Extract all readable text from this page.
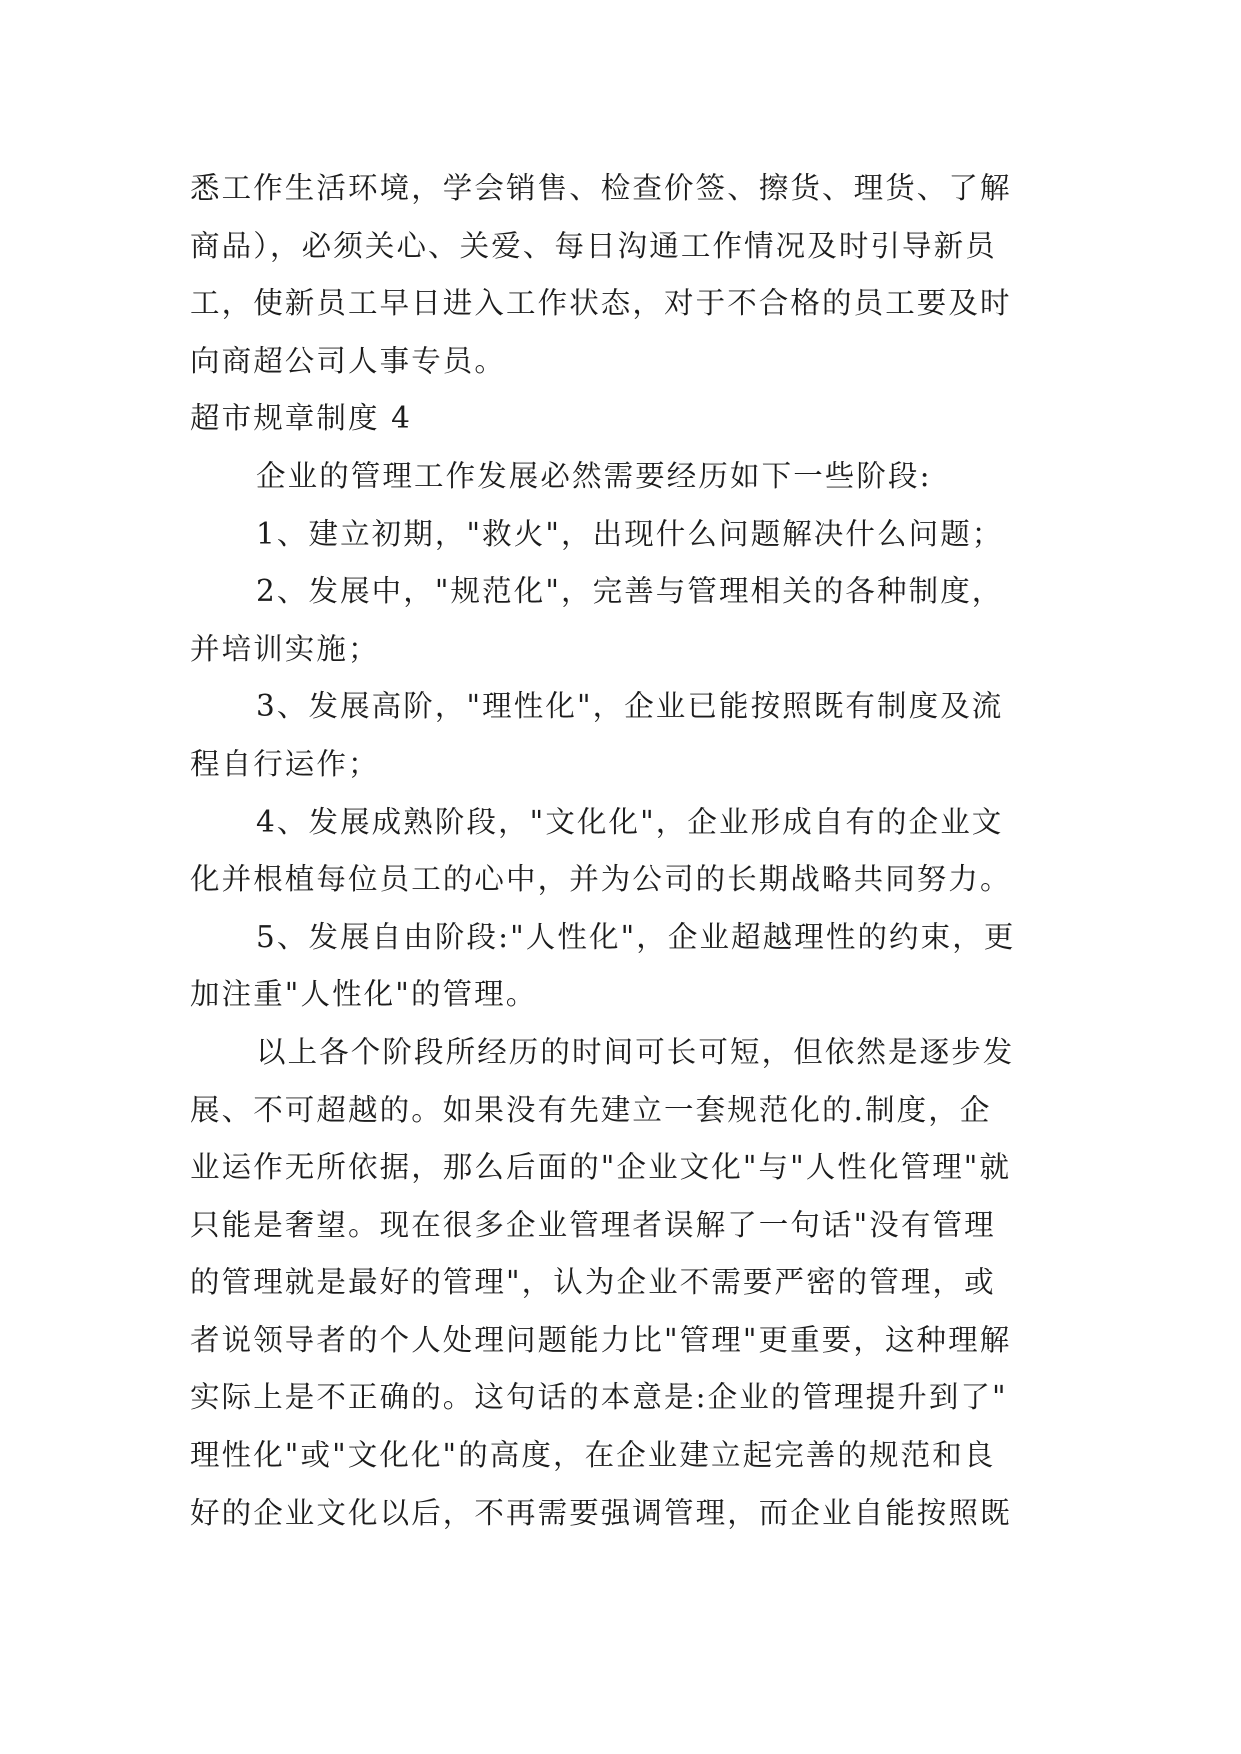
悉工作生活环境，学会销售、检查价签、擦货、理货、了解
商品），必须关心、关爱、每日沟通工作情况及时引导新员
工，使新员工早日进入工作状态，对于不合格的员工要及时
向商超公司人事专员。
超市规章制度 4
企业的管理工作发展必然需要经历如下一些阶段:
1、建立初期，"救火"，出现什么问题解决什么问题；
2、发展中，"规范化"，完善与管理相关的各种制度，
并培训实施；
3、发展高阶，"理性化"，企业已能按照既有制度及流
程自行运作；
4、发展成熟阶段，"文化化"，企业形成自有的企业文
化并根植每位员工的心中，并为公司的长期战略共同努力。
5、发展自由阶段:"人性化"，企业超越理性的约束，更
加注重"人性化"的管理。
以上各个阶段所经历的时间可长可短，但依然是逐步发
展、不可超越的。如果没有先建立一套规范化的.制度，企
业运作无所依据，那么后面的"企业文化"与"人性化管理"就
只能是奢望。现在很多企业管理者误解了一句话"没有管理
的管理就是最好的管理"，认为企业不需要严密的管理，或
者说领导者的个人处理问题能力比"管理"更重要，这种理解
实际上是不正确的。这句话的本意是:企业的管理提升到了"
理性化"或"文化化"的高度，在企业建立起完善的规范和良
好的企业文化以后，不再需要强调管理，而企业自能按照既
